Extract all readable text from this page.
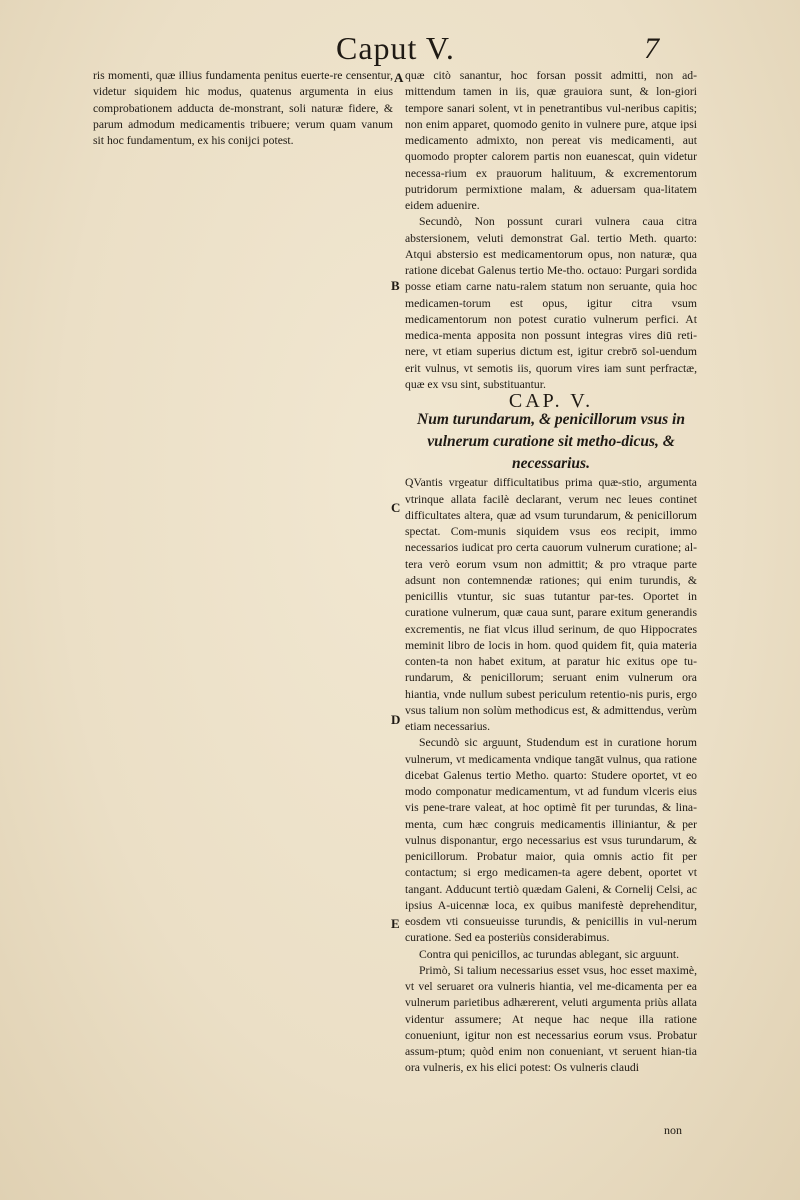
Caput V.	7
A
B
C
D
E

ris momenti, quæ illius fundamenta penitus euerte-re censentur, videtur siquidem hic modus, quatenus argumenta in eius comprobationem adducta de-monstrant, soli naturæ fidere, & parum admodum medicamentis tribuere; verum quam vanum sit hoc fundamentum, ex his conijci potest.

quæ citò sanantur, hoc forsan possit admitti, non ad-mittendum tamen in iis, quæ grauiora sunt, & lon-giori tempore sanari solent, vt in penetrantibus vul-neribus capitis; non enim apparet, quomodo genito in vulnere pure, atque ipsi medicamento admixto, non pereat vis medicamenti, aut quomodo propter calorem partis non euanescat, quin videtur necessa-rium ex prauorum halituum, & excrementorum putridorum permixtione malam, & aduersam qua-litatem eidem aduenire.

Secundò, Non possunt curari vulnera caua citra abstersionem, veluti demonstrat Gal. tertio Meth. quarto: Atqui abstersio est medicamentorum opus, non naturæ, qua ratione dicebat Galenus tertio Me-tho. octauo: Purgari sordida posse etiam carne natu-ralem statum non seruante, quia hoc medicamen-torum est opus, igitur citra vsum medicamentorum non potest curatio vulnerum perfici. At medica-menta apposita non possunt integras vires diū reti-nere, vt etiam superius dictum est, igitur crebrō sol-uendum erit vulnus, vt semotis iis, quorum vires iam sunt perfractæ, quæ ex vsu sint, substituantur.

CAP. V.

Num turundarum, & penicillorum vsus in vulnerum curatione sit metho-dicus, & necessarius.

QVantis vrgeatur difficultatibus prima quæ-stio, argumenta vtrinque allata facilè declarant, verum nec leues continet difficultates altera, quæ ad vsum turundarum, & penicillorum spectat. Com-munis siquidem vsus eos recipit, immo necessarios iudicat pro certa cauorum vulnerum curatione; al-tera verò eorum vsum non admittit; & pro vtraque parte adsunt non contemnendæ rationes; qui enim turundis, & penicillis vtuntur, sic suas tutantur par-tes. Oportet in curatione vulnerum, quæ caua sunt, parare exitum generandis excrementis, ne fiat vlcus illud serinum, de quo Hippocrates meminit libro de locis in hom. quod quidem fit, quia materia conten-ta non habet exitum, at paratur hic exitus ope tu-rundarum, & penicillorum; seruant enim vulnerum ora hiantia, vnde nullum subest periculum retentio-nis puris, ergo vsus talium non solùm methodicus est, & admittendus, verùm etiam necessarius.

Secundò sic arguunt, Studendum est in curatione horum vulnerum, vt medicamenta vndique tangāt vulnus, qua ratione dicebat Galenus tertio Metho. quarto: Studere oportet, vt eo modo componatur medicamentum, vt ad fundum vlceris eius vis pene-trare valeat, at hoc optimè fit per turundas, & lina-menta, cum hæc congruis medicamentis illiniantur, & per vulnus disponantur, ergo necessarius est vsus turundarum, & penicillorum. Probatur maior, quia omnis actio fit per contactum; si ergo medicamen-ta agere debent, oportet vt tangant. Adducunt tertiò quædam Galeni, & Cornelij Celsi, ac ipsius A-uicennæ loca, ex quibus manifestè deprehenditur, eosdem vti consueuisse turundis, & penicillis in vul-nerum curatione. Sed ea posteriùs considerabimus.

Contra qui penicillos, ac turundas ablegant, sic arguunt.

Primò, Si talium necessarius esset vsus, hoc esset maximè, vt vel seruaret ora vulneris hiantia, vel me-dicamenta per ea vulnerum parietibus adhærerent, veluti argumenta priùs allata videntur assumere; At neque hac neque illa ratione conueniunt, igitur non est necessarius eorum vsus. Probatur assum-ptum; quòd enim non conueniant, vt seruent hian-tia ora vulneris, ex his elici potest: Os vulneris claudi

non
